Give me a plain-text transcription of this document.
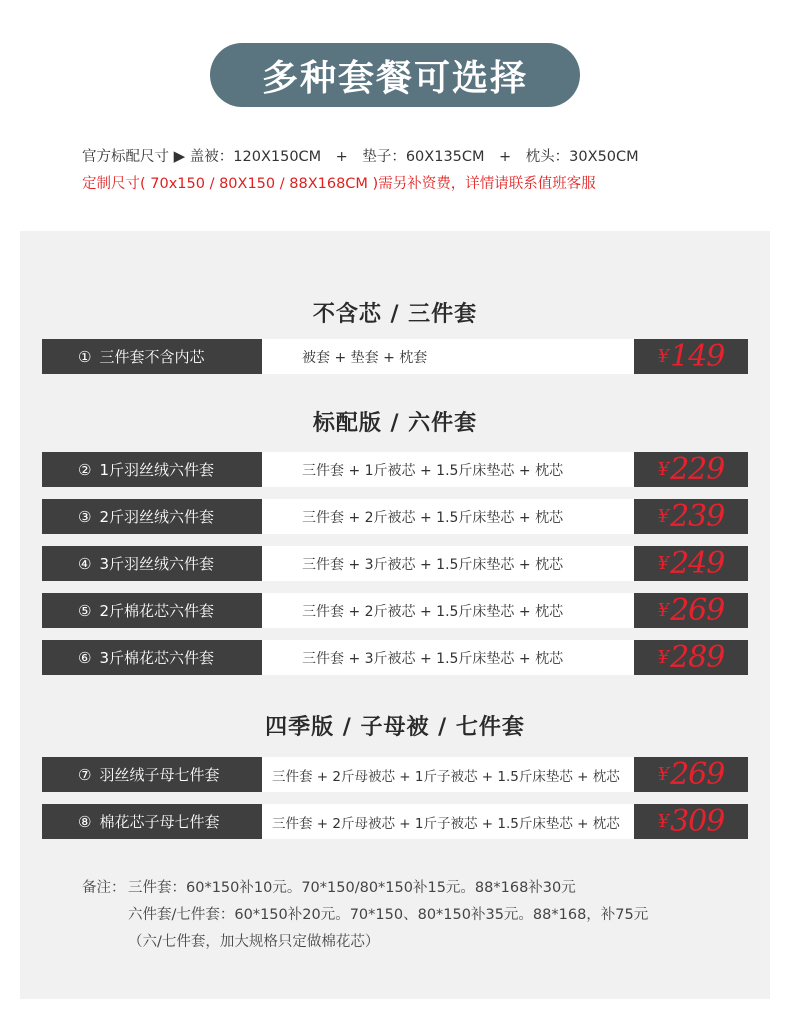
多种套餐可选择
官方标配尺寸 ▶ 盖被：120X150CM　+　垫子：60X135CM　+　枕头：30X50CM
定制尺寸( 70x150 / 80X150 / 88X168CM )需另补资费，详情请联系值班客服
不含芯 / 三件套
标配版 / 六件套
四季版 / 子母被 / 七件套
① 三件套不含内芯	被套 + 垫套 + 枕套	¥ 149
② 1斤羽丝绒六件套	三件套 + 1斤被芯 + 1.5斤床垫芯 + 枕芯	¥ 229
③ 2斤羽丝绒六件套	三件套 + 2斤被芯 + 1.5斤床垫芯 + 枕芯	¥ 239
④ 3斤羽丝绒六件套	三件套 + 3斤被芯 + 1.5斤床垫芯 + 枕芯	¥ 249
⑤ 2斤棉花芯六件套	三件套 + 2斤被芯 + 1.5斤床垫芯 + 枕芯	¥ 269
⑥ 3斤棉花芯六件套	三件套 + 3斤被芯 + 1.5斤床垫芯 + 枕芯	¥ 289
⑦ 羽丝绒子母七件套	三件套 + 2斤母被芯 + 1斤子被芯 + 1.5斤床垫芯 + 枕芯	¥ 269
⑧ 棉花芯子母七件套	三件套 + 2斤母被芯 + 1斤子被芯 + 1.5斤床垫芯 + 枕芯	¥ 309
备注： 三件套：60*150补10元。70*150/80*150补15元。88*168补30元
六件套/七件套：60*150补20元。70*150、80*150补35元。88*168，补75元
（六/七件套，加大规格只定做棉花芯）
